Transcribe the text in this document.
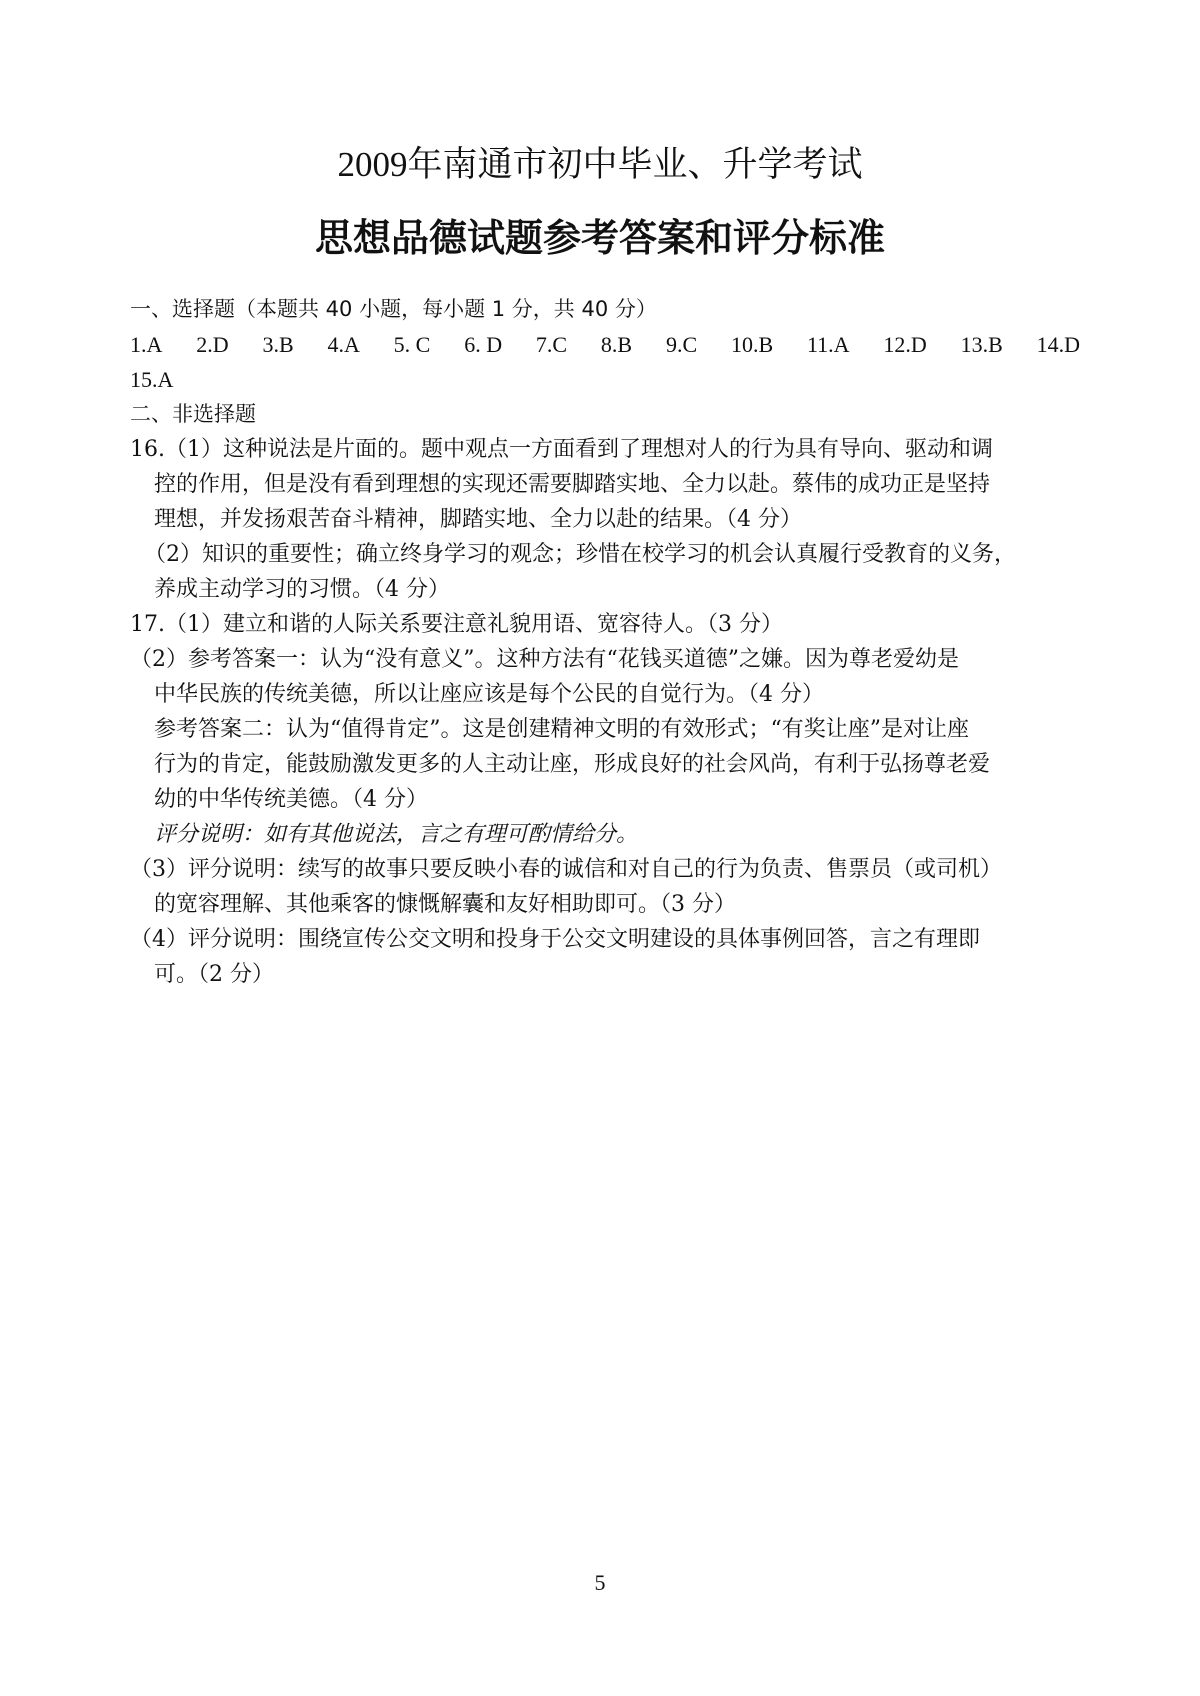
2009年南通市初中毕业、升学考试
思想品德试题参考答案和评分标准
一、选择题（本题共 40 小题，每小题 1 分，共 40 分）
1.A 2.D 3.B 4.A 5. C 6. D 7.C 8.B 9.C 10.B 11.A 12.D 13.B 14.D
15.A
二、非选择题
16.（1）这种说法是片面的。题中观点一方面看到了理想对人的行为具有导向、驱动和调
控的作用，但是没有看到理想的实现还需要脚踏实地、全力以赴。蔡伟的成功正是坚持
理想，并发扬艰苦奋斗精神，脚踏实地、全力以赴的结果。（4 分）
（2）知识的重要性；确立终身学习的观念；珍惜在校学习的机会认真履行受教育的义务，
养成主动学习的习惯。（4 分）
17.（1）建立和谐的人际关系要注意礼貌用语、宽容待人。（3 分）
（2）参考答案一：认为“没有意义”。这种方法有“花钱买道德”之嫌。因为尊老爱幼是
中华民族的传统美德，所以让座应该是每个公民的自觉行为。（4 分）
参考答案二：认为“值得肯定”。这是创建精神文明的有效形式；“有奖让座”是对让座
行为的肯定，能鼓励激发更多的人主动让座，形成良好的社会风尚，有利于弘扬尊老爱
幼的中华传统美德。（4 分）
评分说明：如有其他说法，言之有理可酌情给分。
（3）评分说明：续写的故事只要反映小春的诚信和对自己的行为负责、售票员（或司机）
的宽容理解、其他乘客的慷慨解囊和友好相助即可。（3 分）
（4）评分说明：围绕宣传公交文明和投身于公交文明建设的具体事例回答，言之有理即
可。（2 分）
5
